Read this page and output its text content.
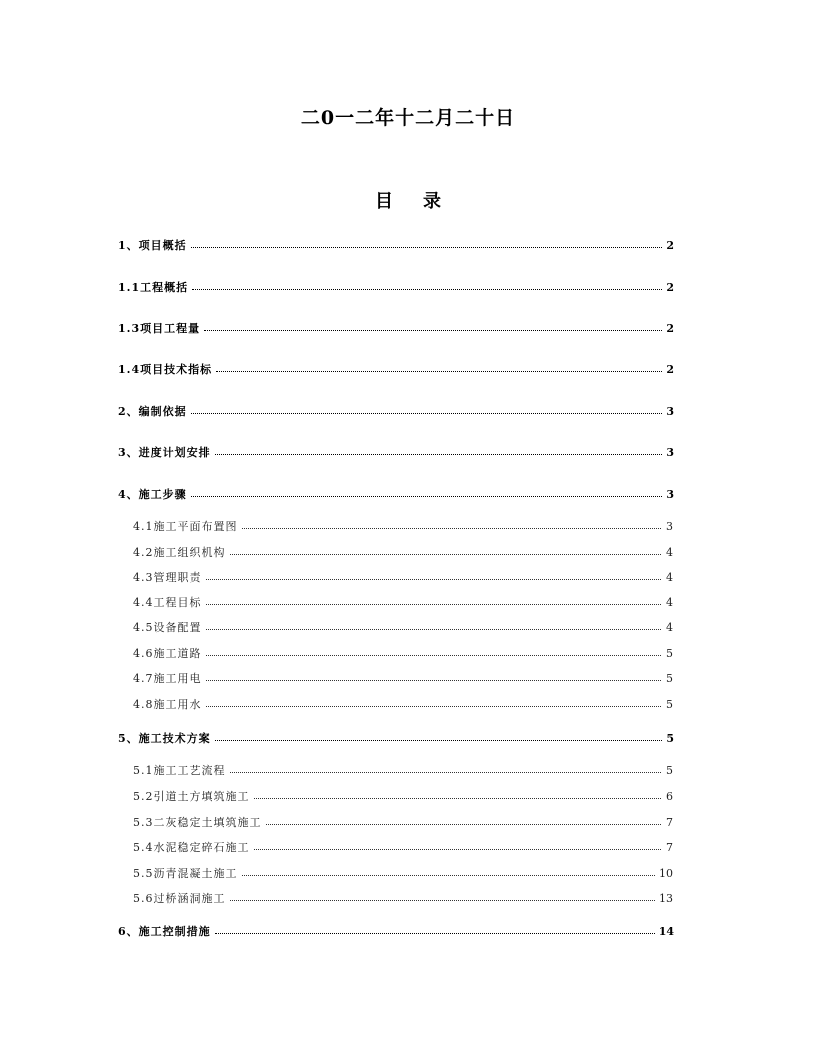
二0一二年十二月二十日
目 录
1、项目概括	2
1.1工程概括	2
1.3项目工程量	2
1.4项目技术指标	2
2、编制依据	3
3、进度计划安排	3
4、施工步骤	3
4.1施工平面布置图	3
4.2施工组织机构	4
4.3管理职责	4
4.4工程目标	4
4.5设备配置	4
4.6施工道路	5
4.7施工用电	5
4.8施工用水	5
5、施工技术方案	5
5.1施工工艺流程	5
5.2引道土方填筑施工	6
5.3二灰稳定土填筑施工	7
5.4水泥稳定碎石施工	7
5.5沥青混凝土施工	10
5.6过桥涵洞施工	13
6、施工控制措施	14
